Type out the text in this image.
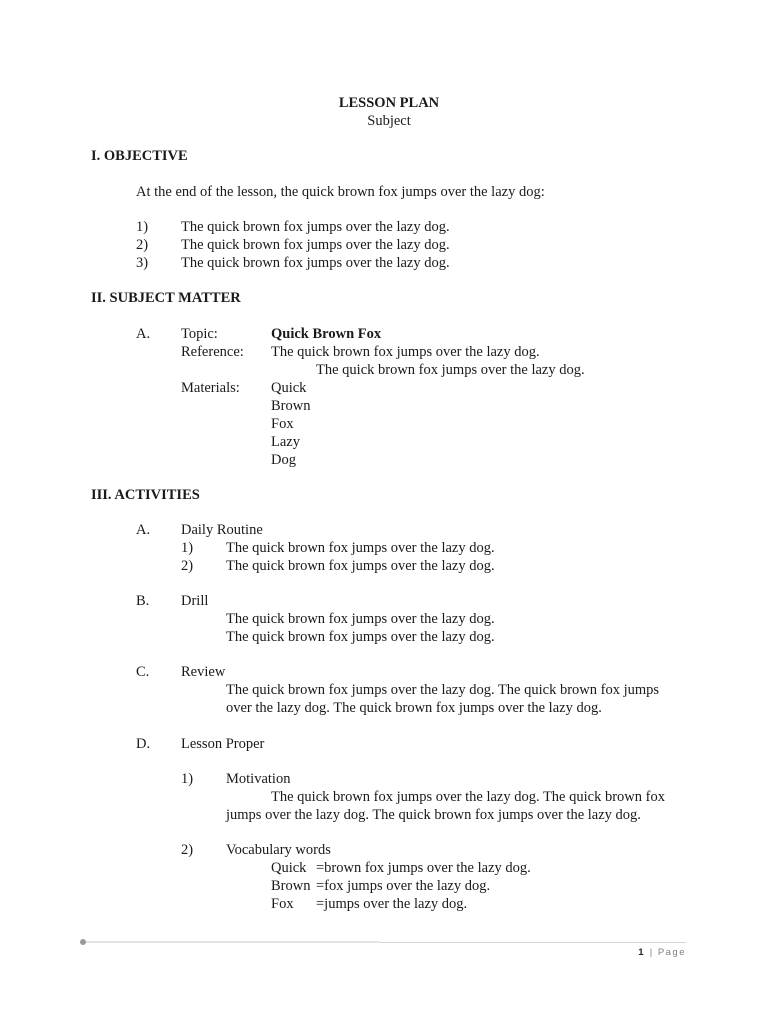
LESSON PLAN
Subject
I. OBJECTIVE
At the end of the lesson, the quick brown fox jumps over the lazy dog:
1) The quick brown fox jumps over the lazy dog.
2) The quick brown fox jumps over the lazy dog.
3) The quick brown fox jumps over the lazy dog.
II. SUBJECT MATTER
A. Topic:	Quick Brown Fox
Reference: The quick brown fox jumps over the lazy dog.
The quick brown fox jumps over the lazy dog.
Materials: Quick
Brown
Fox
Lazy
Dog
III. ACTIVITIES
A. Daily Routine
1) The quick brown fox jumps over the lazy dog.
2) The quick brown fox jumps over the lazy dog.
B. Drill
The quick brown fox jumps over the lazy dog.
The quick brown fox jumps over the lazy dog.
C. Review
The quick brown fox jumps over the lazy dog. The quick brown fox jumps
over the lazy dog. The quick brown fox jumps over the lazy dog.
D. Lesson Proper
1) Motivation
The quick brown fox jumps over the lazy dog. The quick brown fox
jumps over the lazy dog. The quick brown fox jumps over the lazy dog.
2) Vocabulary words
Quick =brown fox jumps over the lazy dog.
Brown =fox jumps over the lazy dog.
Fox =jumps over the lazy dog.
1 | Page
